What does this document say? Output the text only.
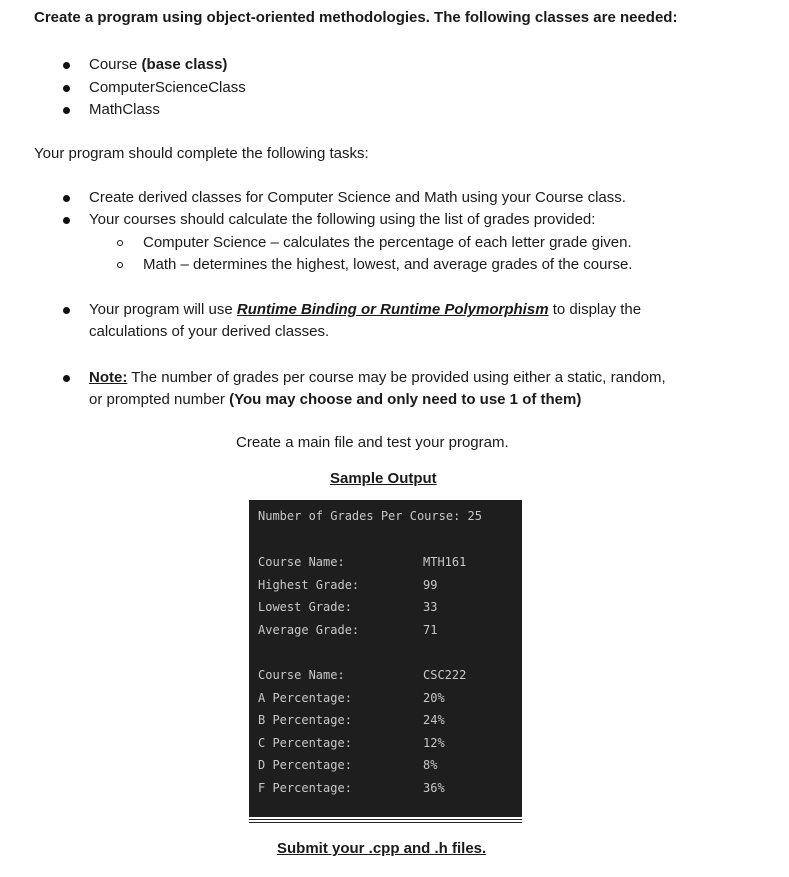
Create a program using object-oriented methodologies. The following classes are needed:
Course (base class)
ComputerScienceClass
MathClass
Your program should complete the following tasks:
Create derived classes for Computer Science and Math using your Course class.
Your courses should calculate the following using the list of grades provided:
Computer Science – calculates the percentage of each letter grade given.
Math – determines the highest, lowest, and average grades of the course.
Your program will use Runtime Binding or Runtime Polymorphism to display the
calculations of your derived classes.
Note: The number of grades per course may be provided using either a static, random,
or prompted number (You may choose and only need to use 1 of them)
Create a main file and test your program.
Sample Output
Number of Grades Per Course: 25
Course Name:	MTH161
Highest Grade:	99
Lowest Grade:	33
Average Grade:	71
Course Name:	CSC222
A Percentage:	20%
B Percentage:	24%
C Percentage:	12%
D Percentage:	8%
F Percentage:	36%
Submit your .cpp and .h files.
